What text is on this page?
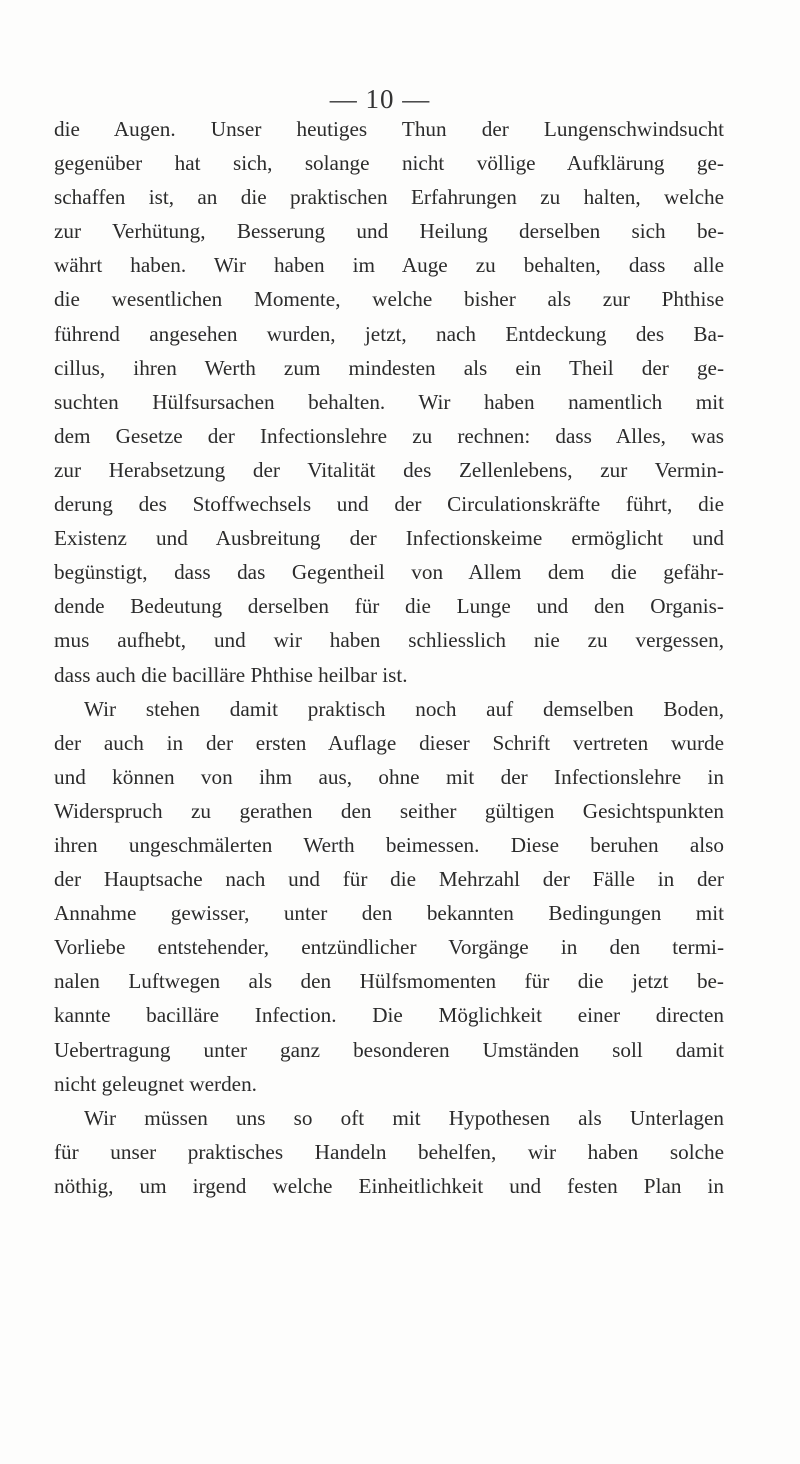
— 10 —
die Augen. Unser heutiges Thun der Lungenschwindsucht
gegenüber hat sich, solange nicht völlige Aufklärung ge-
schaffen ist, an die praktischen Erfahrungen zu halten, welche
zur Verhütung, Besserung und Heilung derselben sich be-
währt haben. Wir haben im Auge zu behalten, dass alle
die wesentlichen Momente, welche bisher als zur Phthise
führend angesehen wurden, jetzt, nach Entdeckung des Ba-
cillus, ihren Werth zum mindesten als ein Theil der ge-
suchten Hülfsursachen behalten. Wir haben namentlich mit
dem Gesetze der Infectionslehre zu rechnen: dass Alles, was
zur Herabsetzung der Vitalität des Zellenlebens, zur Vermin-
derung des Stoffwechsels und der Circulationskräfte führt, die
Existenz und Ausbreitung der Infectionskeime ermöglicht und
begünstigt, dass das Gegentheil von Allem dem die gefähr-
dende Bedeutung derselben für die Lunge und den Organis-
mus aufhebt, und wir haben schliesslich nie zu vergessen,
dass auch die bacilläre Phthise heilbar ist.
Wir stehen damit praktisch noch auf demselben Boden,
der auch in der ersten Auflage dieser Schrift vertreten wurde
und können von ihm aus, ohne mit der Infectionslehre in
Widerspruch zu gerathen den seither gültigen Gesichtspunkten
ihren ungeschmälerten Werth beimessen. Diese beruhen also
der Hauptsache nach und für die Mehrzahl der Fälle in der
Annahme gewisser, unter den bekannten Bedingungen mit
Vorliebe entstehender, entzündlicher Vorgänge in den termi-
nalen Luftwegen als den Hülfsmomenten für die jetzt be-
kannte bacilläre Infection. Die Möglichkeit einer directen
Uebertragung unter ganz besonderen Umständen soll damit
nicht geleugnet werden.
Wir müssen uns so oft mit Hypothesen als Unterlagen
für unser praktisches Handeln behelfen, wir haben solche
nöthig, um irgend welche Einheitlichkeit und festen Plan in
